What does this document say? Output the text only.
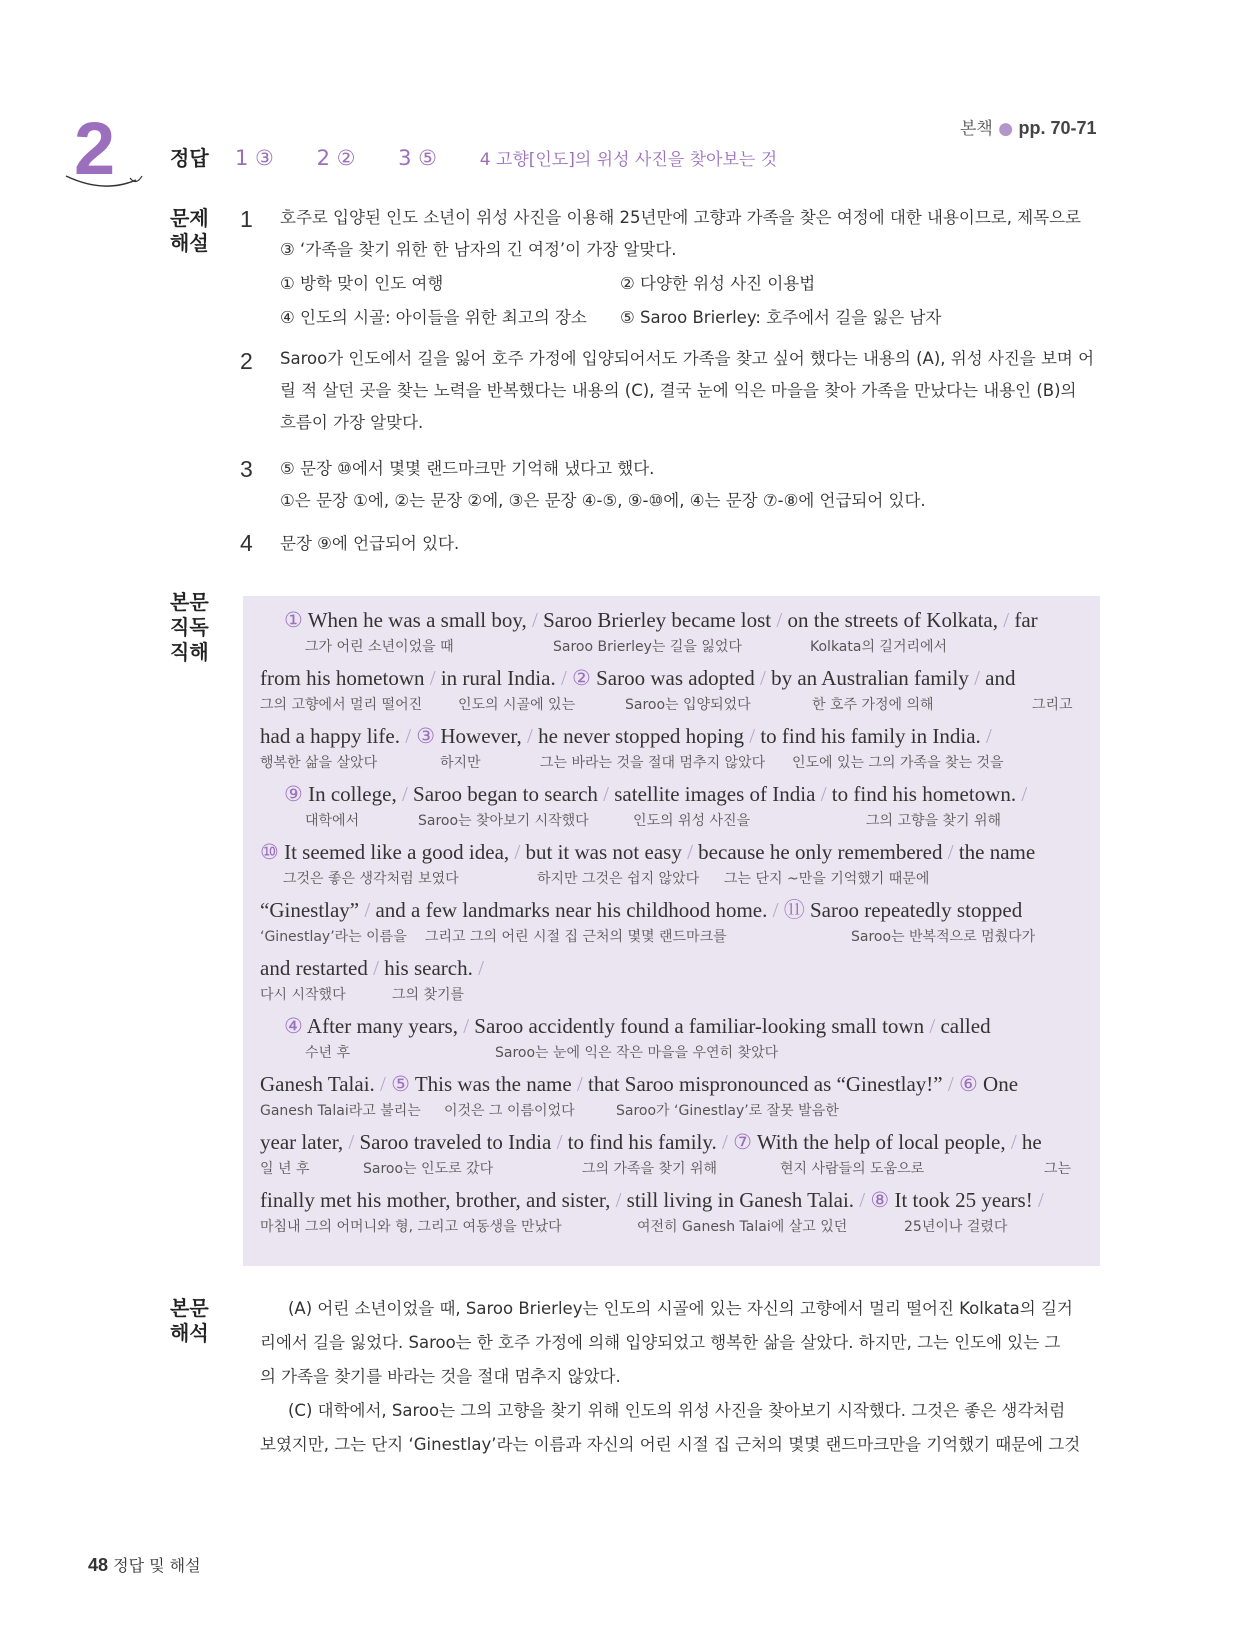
본책 ● pp. 70-71
2	정답 1 ③ 2 ② 3 ⑤	4 고향[인도]의 위성 사진을 찾아보는 것
문제
해설
1 호주로 입양된 인도 소년이 위성 사진을 이용해 25년만에 고향과 가족을 찾은 여정에 대한 내용이므로, 제목으로 ③ ‘가족을 찾기 위한 한 남자의 긴 여정’이 가장 알맞다.
① 방학 맞이 인도 여행	② 다양한 위성 사진 이용법
④ 인도의 시골: 아이들을 위한 최고의 장소 ⑤ Saroo Brierley: 호주에서 길을 잃은 남자
2 Saroo가 인도에서 길을 잃어 호주 가정에 입양되어서도 가족을 찾고 싶어 했다는 내용의 (A), 위성 사진을 보며 어릴 적 살던 곳을 찾는 노력을 반복했다는 내용의 (C), 결국 눈에 익은 마을을 찾아 가족을 만났다는 내용인 (B)의 흐름이 가장 알맞다.
3 ⑤ 문장 ⑩에서 몇몇 랜드마크만 기억해 냈다고 했다.
①은 문장 ①에, ②는 문장 ②에, ③은 문장 ④-⑤, ⑨-⑩에, ④는 문장 ⑦-⑧에 언급되어 있다.
4 문장 ⑨에 언급되어 있다.
본문
직독
직해
① When he was a small boy, / Saroo Brierley became lost / on the streets of Kolkata, / far
그가 어린 소년이었을 때	Saroo Brierley는 길을 잃었다	Kolkata의 길거리에서
from his hometown / in rural India. / ② Saroo was adopted / by an Australian family / and
그의 고향에서 멀리 떨어진	인도의 시골에 있는	Saroo는 입양되었다	한 호주 가정에 의해	그리고
had a happy life. / ③ However, / he never stopped hoping / to find his family in India. /
행복한 삶을 살았다	하지만	그는 바라는 것을 절대 멈추지 않았다 인도에 있는 그의 가족을 찾는 것을
⑨ In college, / Saroo began to search / satellite images of India / to find his hometown. /
대학에서	Saroo는 찾아보기 시작했다	인도의 위성 사진을	그의 고향을 찾기 위해
⑩ It seemed like a good idea, / but it was not easy / because he only remembered / the name
그것은 좋은 생각처럼 보였다	하지만 그것은 쉽지 않았다 그는 단지 ~만을 기억했기 때문에
“Ginestlay” / and a few landmarks near his childhood home. / ⑪ Saroo repeatedly stopped
‘Ginestlay’라는 이름을 그리고 그의 어린 시절 집 근처의 몇몇 랜드마크를	Saroo는 반복적으로 멈췄다가
and restarted / his search. /
다시 시작했다	그의 찾기를
④ After many years, / Saroo accidently found a familiar-looking small town / called
수년 후	Saroo는 눈에 익은 작은 마을을 우연히 찾았다
Ganesh Talai. / ⑤ This was the name / that Saroo mispronounced as “Ginestlay!” / ⑥ One
Ganesh Talai라고 불리는 이것은 그 이름이었다	Saroo가 ‘Ginestlay’로 잘못 발음한
year later, / Saroo traveled to India / to find his family. / ⑦ With the help of local people, / he
일 년 후	Saroo는 인도로 갔다	그의 가족을 찾기 위해	현지 사람들의 도움으로	그는
finally met his mother, brother, and sister, / still living in Ganesh Talai. / ⑧ It took 25 years! /
마침내 그의 어머니와 형, 그리고 여동생을 만났다	여전히 Ganesh Talai에 살고 있던	25년이나 걸렸다
본문
해석
(A) 어린 소년이었을 때, Saroo Brierley는 인도의 시골에 있는 자신의 고향에서 멀리 떨어진 Kolkata의 길거
리에서 길을 잃었다. Saroo는 한 호주 가정에 의해 입양되었고 행복한 삶을 살았다. 하지만, 그는 인도에 있는 그
의 가족을 찾기를 바라는 것을 절대 멈추지 않았다.
(C) 대학에서, Saroo는 그의 고향을 찾기 위해 인도의 위성 사진을 찾아보기 시작했다. 그것은 좋은 생각처럼
보였지만, 그는 단지 ‘Ginestlay’라는 이름과 자신의 어린 시절 집 근처의 몇몇 랜드마크만을 기억했기 때문에 그것
48 정답 및 해설
